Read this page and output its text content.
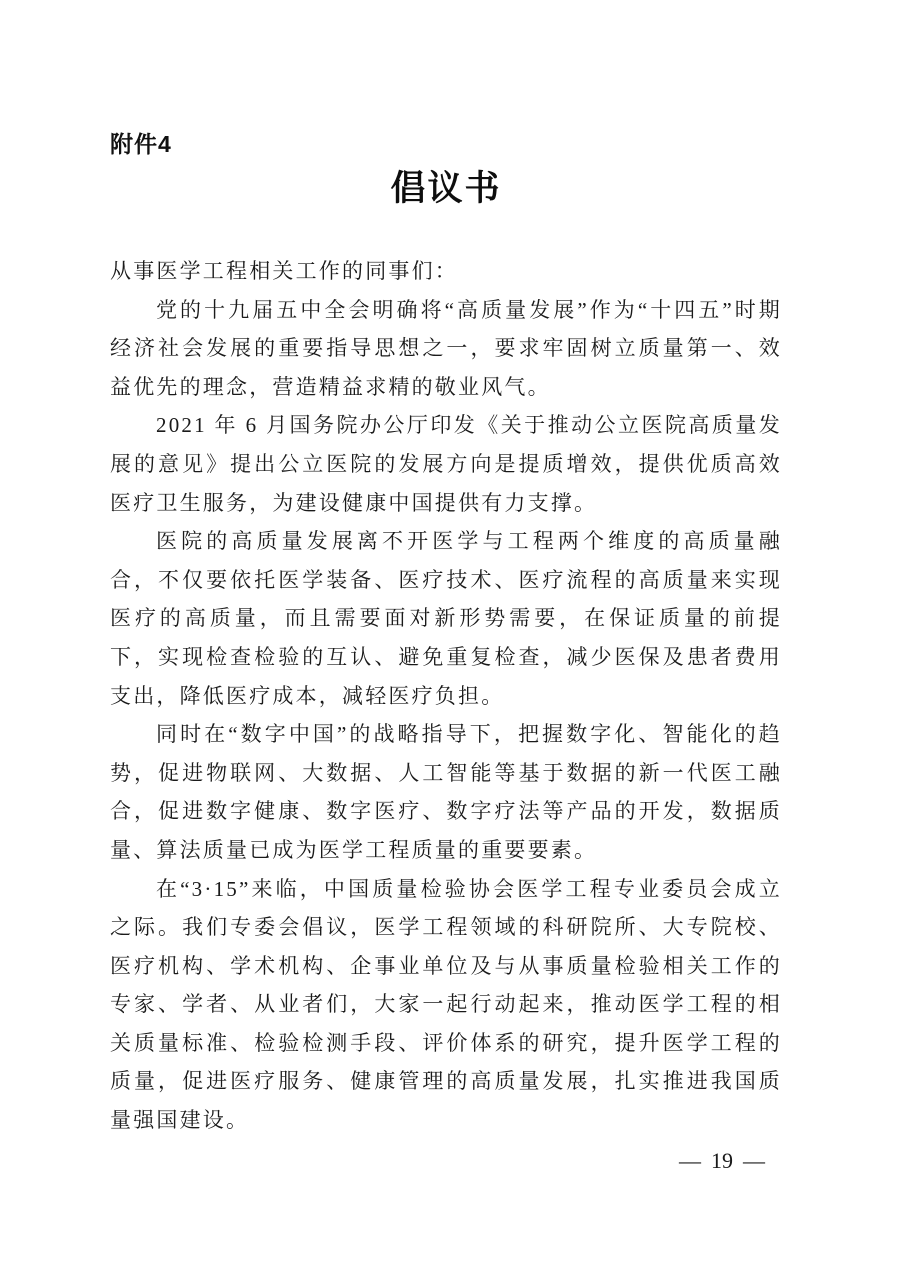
附件4
倡议书

从事医学工程相关工作的同事们：

党的十九届五中全会明确将“高质量发展”作为“十四五”时期经济社会发展的重要指导思想之一，要求牢固树立质量第一、效益优先的理念，营造精益求精的敬业风气。

2021 年 6 月国务院办公厅印发《关于推动公立医院高质量发展的意见》提出公立医院的发展方向是提质增效，提供优质高效医疗卫生服务，为建设健康中国提供有力支撑。

医院的高质量发展离不开医学与工程两个维度的高质量融合，不仅要依托医学装备、医疗技术、医疗流程的高质量来实现医疗的高质量，而且需要面对新形势需要，在保证质量的前提下，实现检查检验的互认、避免重复检查，减少医保及患者费用支出，降低医疗成本，减轻医疗负担。

同时在“数字中国”的战略指导下，把握数字化、智能化的趋势，促进物联网、大数据、人工智能等基于数据的新一代医工融合，促进数字健康、数字医疗、数字疗法等产品的开发，数据质量、算法质量已成为医学工程质量的重要要素。

在“3·15”来临，中国质量检验协会医学工程专业委员会成立之际。我们专委会倡议，医学工程领域的科研院所、大专院校、医疗机构、学术机构、企事业单位及与从事质量检验相关工作的专家、学者、从业者们，大家一起行动起来，推动医学工程的相关质量标准、检验检测手段、评价体系的研究，提升医学工程的质量，促进医疗服务、健康管理的高质量发展，扎实推进我国质量强国建设。

— 19 —
